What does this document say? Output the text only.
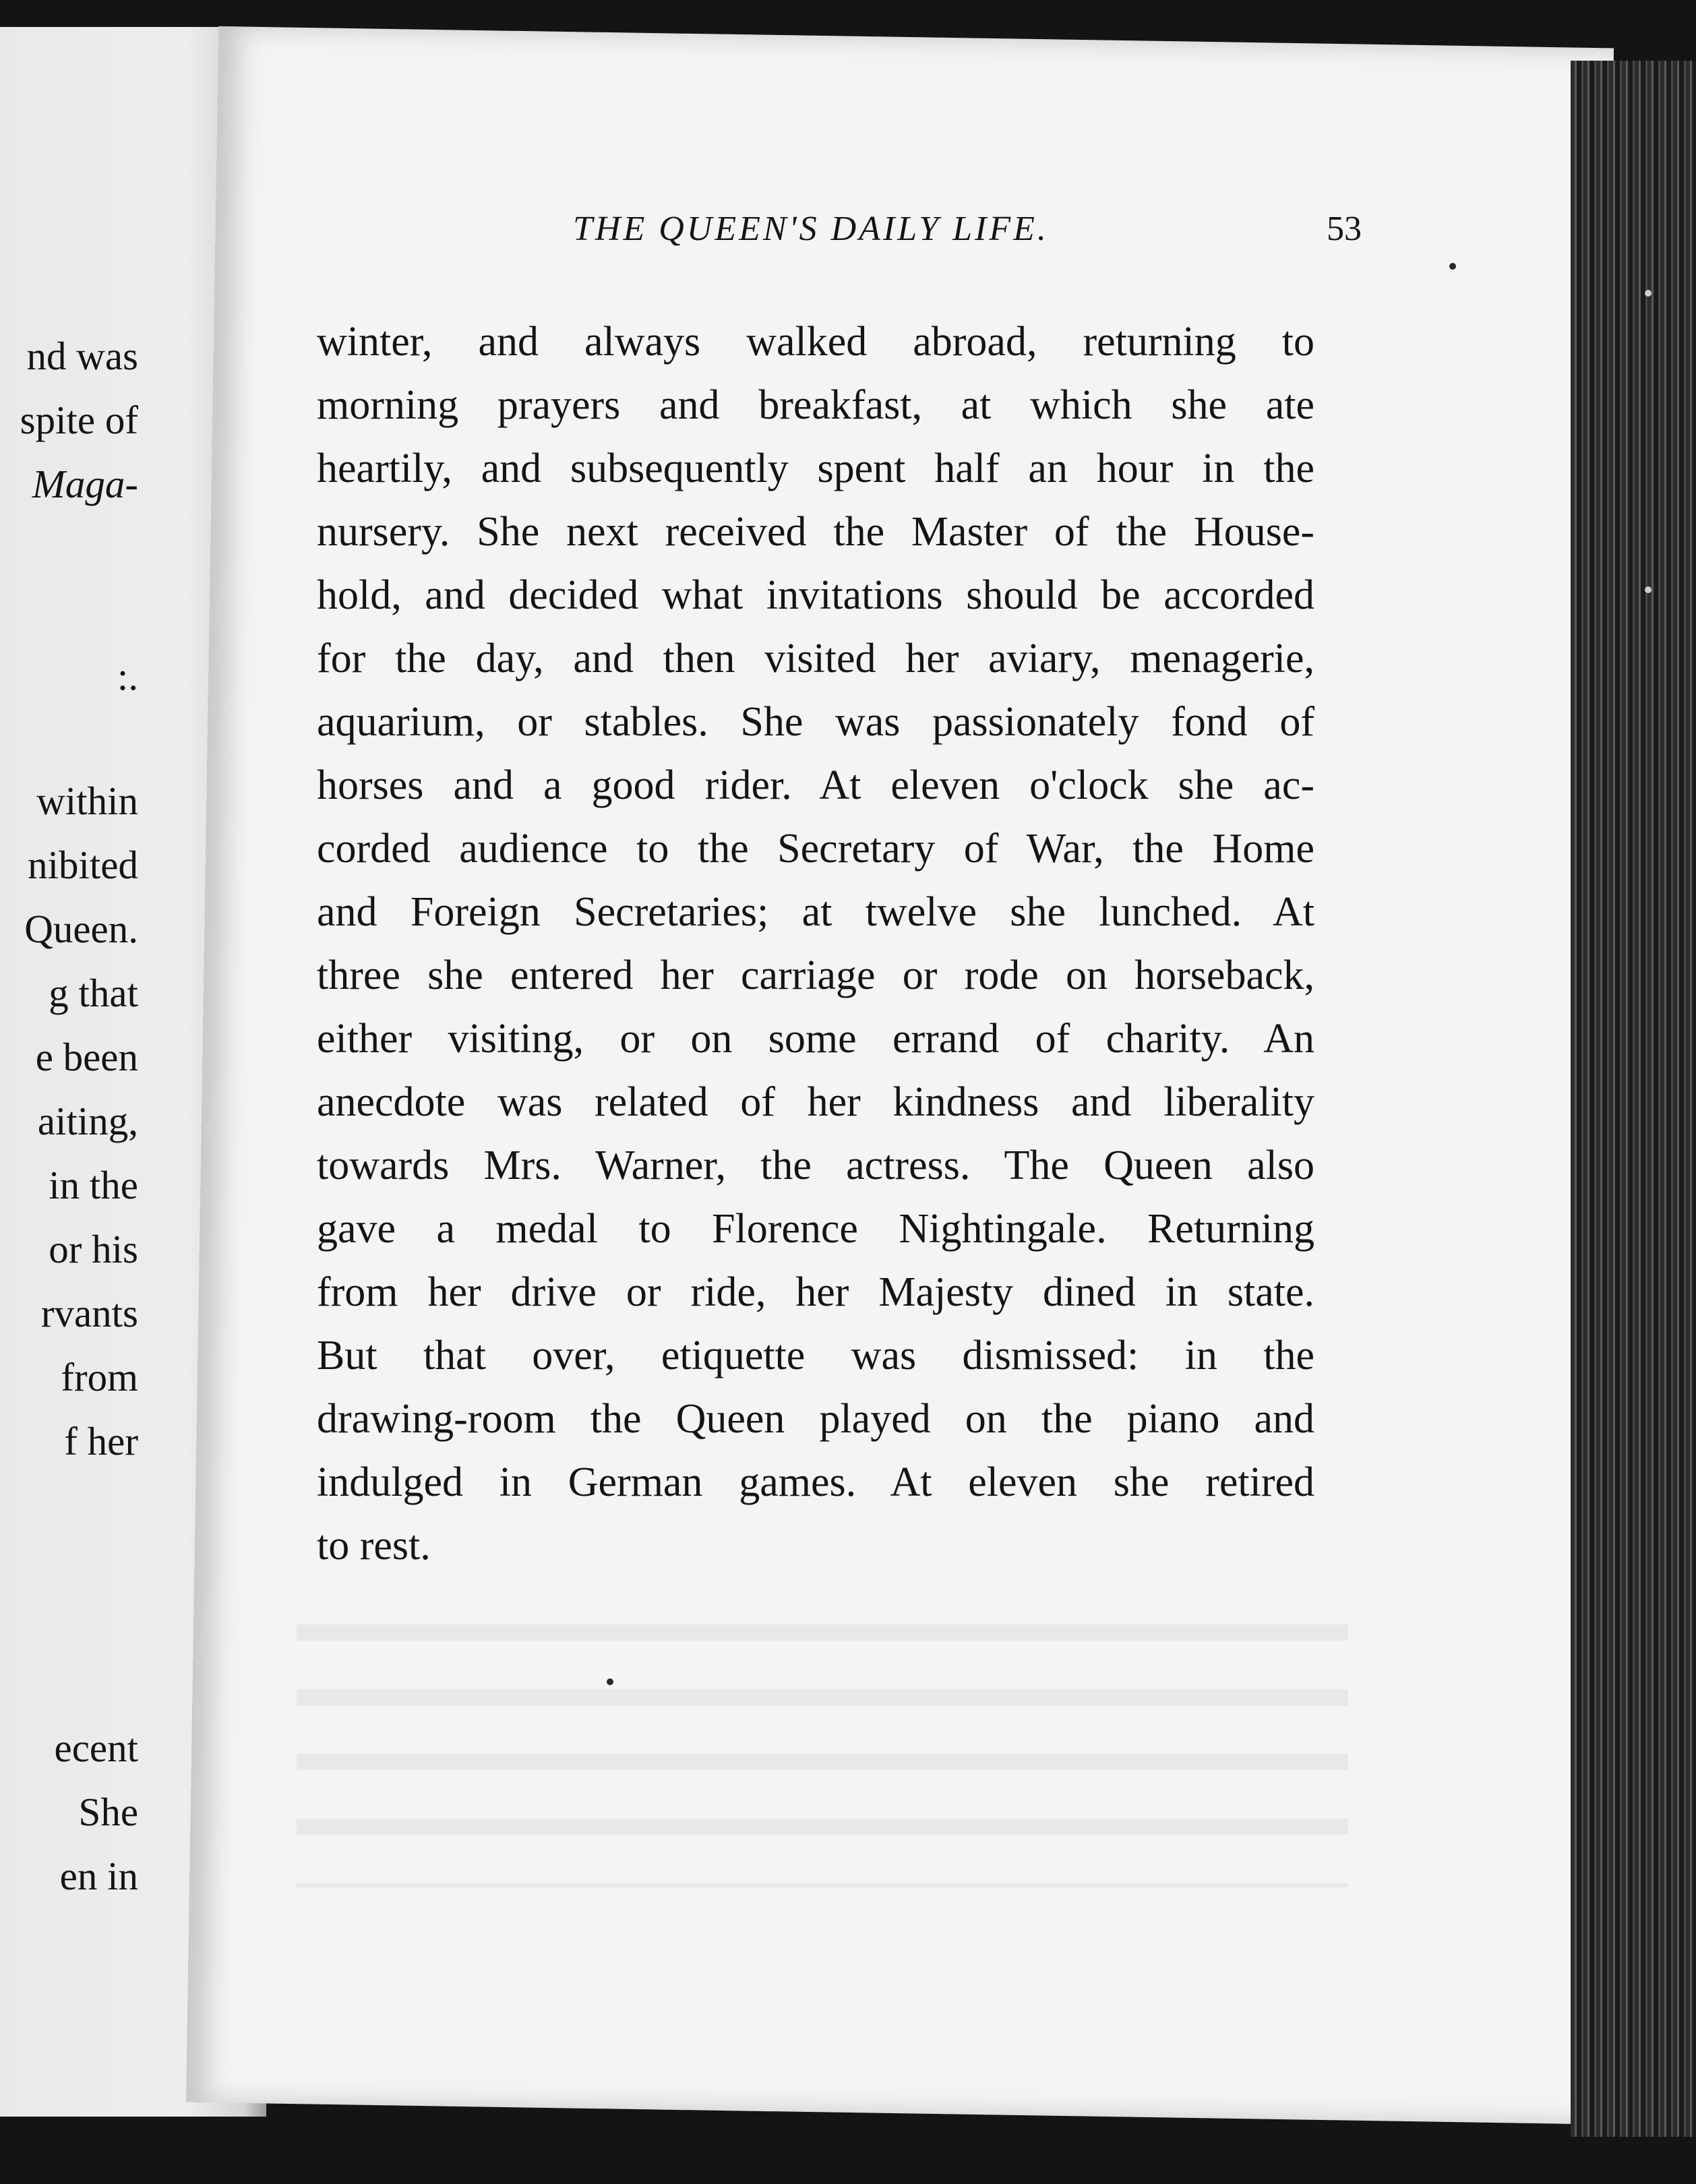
nd was
spite of
Maga-
:.
within
nibited
Queen.
g that
e been
aiting,
in the
or his
rvants
from
f her
ecent
She
en in
THE QUEEN'S DAILY LIFE.	53
winter, and always walked abroad, returning to
morning prayers and breakfast, at which she ate
heartily, and subsequently spent half an hour in the
nursery. She next received the Master of the House-
hold, and decided what invitations should be accorded
for the day, and then visited her aviary, menagerie,
aquarium, or stables. She was passionately fond of
horses and a good rider. At eleven o'clock she ac-
corded audience to the Secretary of War, the Home
and Foreign Secretaries; at twelve she lunched. At
three she entered her carriage or rode on horseback,
either visiting, or on some errand of charity. An
anecdote was related of her kindness and liberality
towards Mrs. Warner, the actress. The Queen also
gave a medal to Florence Nightingale. Returning
from her drive or ride, her Majesty dined in state.
But that over, etiquette was dismissed: in the
drawing-room the Queen played on the piano and
indulged in German games. At eleven she retired
to rest.
